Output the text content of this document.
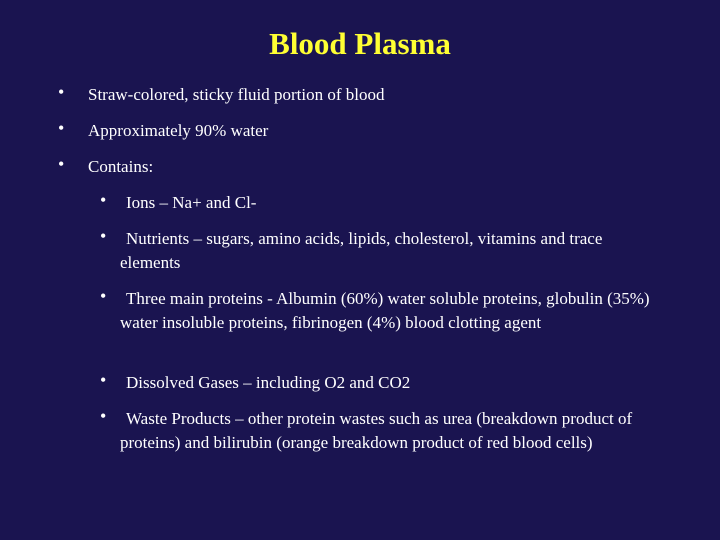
Blood Plasma
• Straw-colored, sticky fluid portion of blood
• Approximately 90% water
• Contains:
•	Ions – Na+ and Cl-
•	Nutrients – sugars, amino acids, lipids, cholesterol, vitamins and trace elements
•	Three main proteins - Albumin (60%) water soluble proteins, globulin (35%) water insoluble proteins, fibrinogen (4%) blood clotting agent
•	Dissolved Gases – including O2 and CO2
•	Waste Products – other protein wastes such as urea (breakdown product of proteins) and bilirubin (orange breakdown product of red blood cells)
